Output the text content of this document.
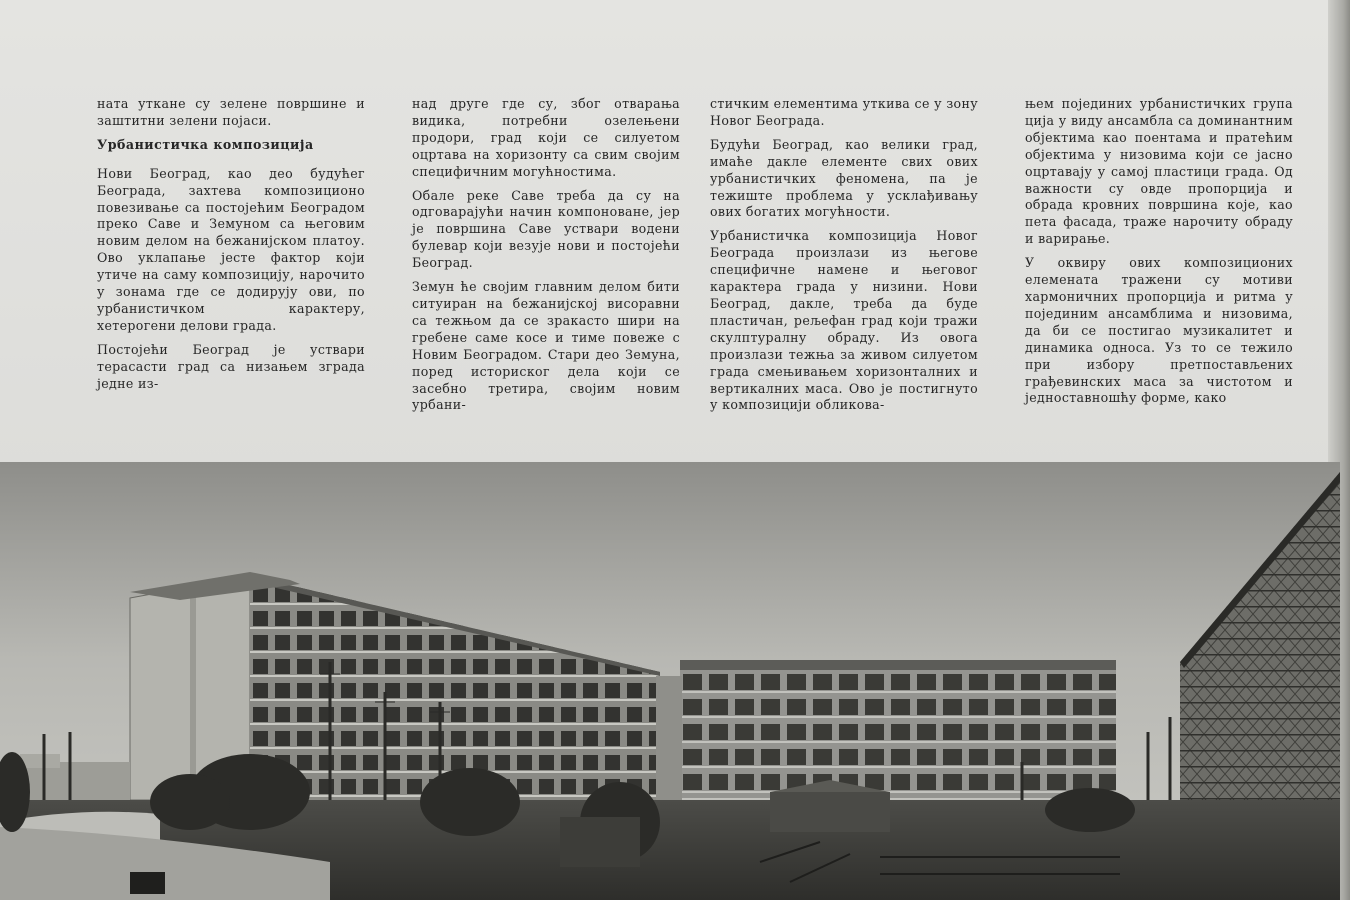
ната уткане су зелене површине и заштитни зелени појаси.

Урбанистичка композиција

Нови Београд, као део будућег Београда, захтева композиционо повезивање са постојећим Београдом преко Саве и Земуном са његовим новим делом на бежанијском платоу. Ово уклапање јесте фактор који утиче на саму композицију, нарочито у зонама где се додирују ови, по урбанистичком карактеру, хетерогени делови града.

Постојећи Београд је уствари терасасти град са низањем зграда једне из-

над друге где су, због отварања видика, потребни озелењени продори, град који се силуетом оцртава на хоризонту са свим својим специфичним могућностима.

Обале реке Саве треба да су на одговарајући начин компоноване, јер је површина Саве уствари водени булевар који везује нови и постојећи Београд.

Земун ће својим главним делом бити ситуиран на бежанијској висоравни са тежњом да се зракасто шири на гребене саме косе и тиме повеже с Новим Београдом. Стари део Земуна, поред историског дела који се засебно третира, својим новим урбани-

стичким елементима уткива се у зону Новог Београда.

Будући Београд, као велики град, имаће дакле елементе свих ових урбанистичких феномена, па је тежиште проблема у усклађивању ових богатих могућности.

Урбанистичка композиција Новог Београда произлази из његове специфичне намене и његовог карактера града у низини. Нови Београд, дакле, треба да буде пластичан, рељефан град који тражи скулптуралну обраду. Из овога произлази тежња за живом силуетом града смењивањем хоризонталних и вертикалних маса. Ово је постигнуто у композицији обликова-

њем појединих урбанистичких група ција у виду ансамбла са доминантним објектима као поентама и пратећим објектима у низовима који се јасно оцртавају у самој пластици града. Од важности су овде пропорција и обрада кровних површина које, као пета фасада, траже нарочиту обраду и варирање.

У оквиру ових композиционих елемената тражени су мотиви хармоничних пропорција и ритма у појединим ансамблима и низовима, да би се постигао музикалитет и динамика односа. Уз то се тежило при избору претпостављених грађевинских маса за чистотом и једноставношћу форме, како
